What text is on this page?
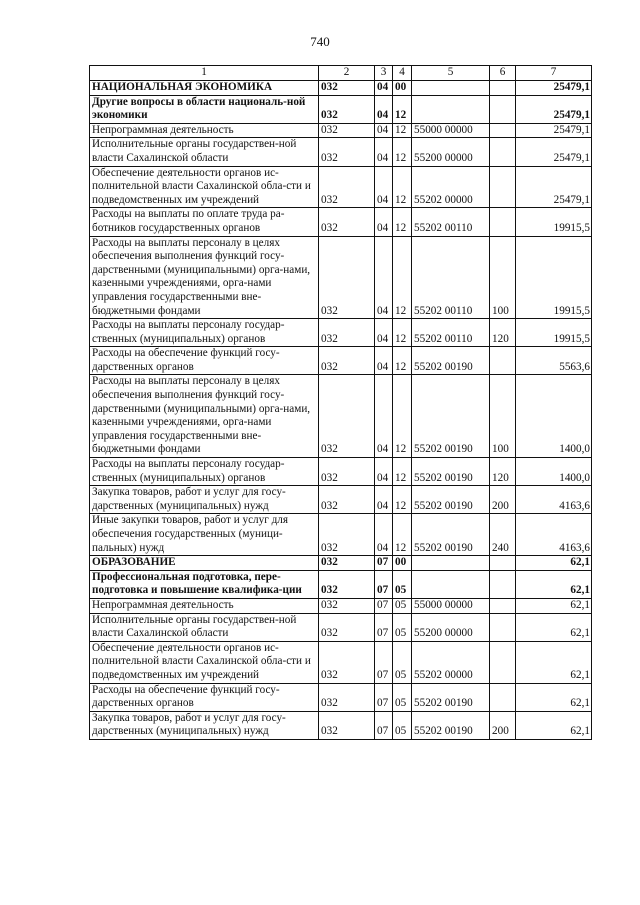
740
1	2	3	4	5	6	7
НАЦИОНАЛЬНАЯ ЭКОНОМИКА	032	04	00			25479,1
Другие вопросы в области националь-ной экономики	032	04	12			25479,1
Непрограммная деятельность	032	04	12	55000 00000		25479,1
Исполнительные органы государствен-ной власти Сахалинской области	032	04	12	55200 00000		25479,1
Обеспечение деятельности органов ис-полнительной власти Сахалинской обла-сти и подведомственных им учреждений	032	04	12	55202 00000		25479,1
Расходы на выплаты по оплате труда ра-ботников государственных органов	032	04	12	55202 00110		19915,5
Расходы на выплаты персоналу в целях обеспечения выполнения функций госу-дарственными (муниципальными) орга-нами, казенными учреждениями, орга-нами управления государственными вне-бюджетными фондами	032	04	12	55202 00110	100	19915,5
Расходы на выплаты персоналу государ-ственных (муниципальных) органов	032	04	12	55202 00110	120	19915,5
Расходы на обеспечение функций госу-дарственных органов	032	04	12	55202 00190		5563,6
Расходы на выплаты персоналу в целях обеспечения выполнения функций госу-дарственными (муниципальными) орга-нами, казенными учреждениями, орга-нами управления государственными вне-бюджетными фондами	032	04	12	55202 00190	100	1400,0
Расходы на выплаты персоналу государ-ственных (муниципальных) органов	032	04	12	55202 00190	120	1400,0
Закупка товаров, работ и услуг для госу-дарственных (муниципальных) нужд	032	04	12	55202 00190	200	4163,6
Иные закупки товаров, работ и услуг для обеспечения государственных (муници-пальных) нужд	032	04	12	55202 00190	240	4163,6
ОБРАЗОВАНИЕ	032	07	00			62,1
Профессиональная подготовка, пере-подготовка и повышение квалифика-ции	032	07	05			62,1
Непрограммная деятельность	032	07	05	55000 00000		62,1
Исполнительные органы государствен-ной власти Сахалинской области	032	07	05	55200 00000		62,1
Обеспечение деятельности органов ис-полнительной власти Сахалинской обла-сти и подведомственных им учреждений	032	07	05	55202 00000		62,1
Расходы на обеспечение функций госу-дарственных органов	032	07	05	55202 00190		62,1
Закупка товаров, работ и услуг для госу-дарственных (муниципальных) нужд	032	07	05	55202 00190	200	62,1
